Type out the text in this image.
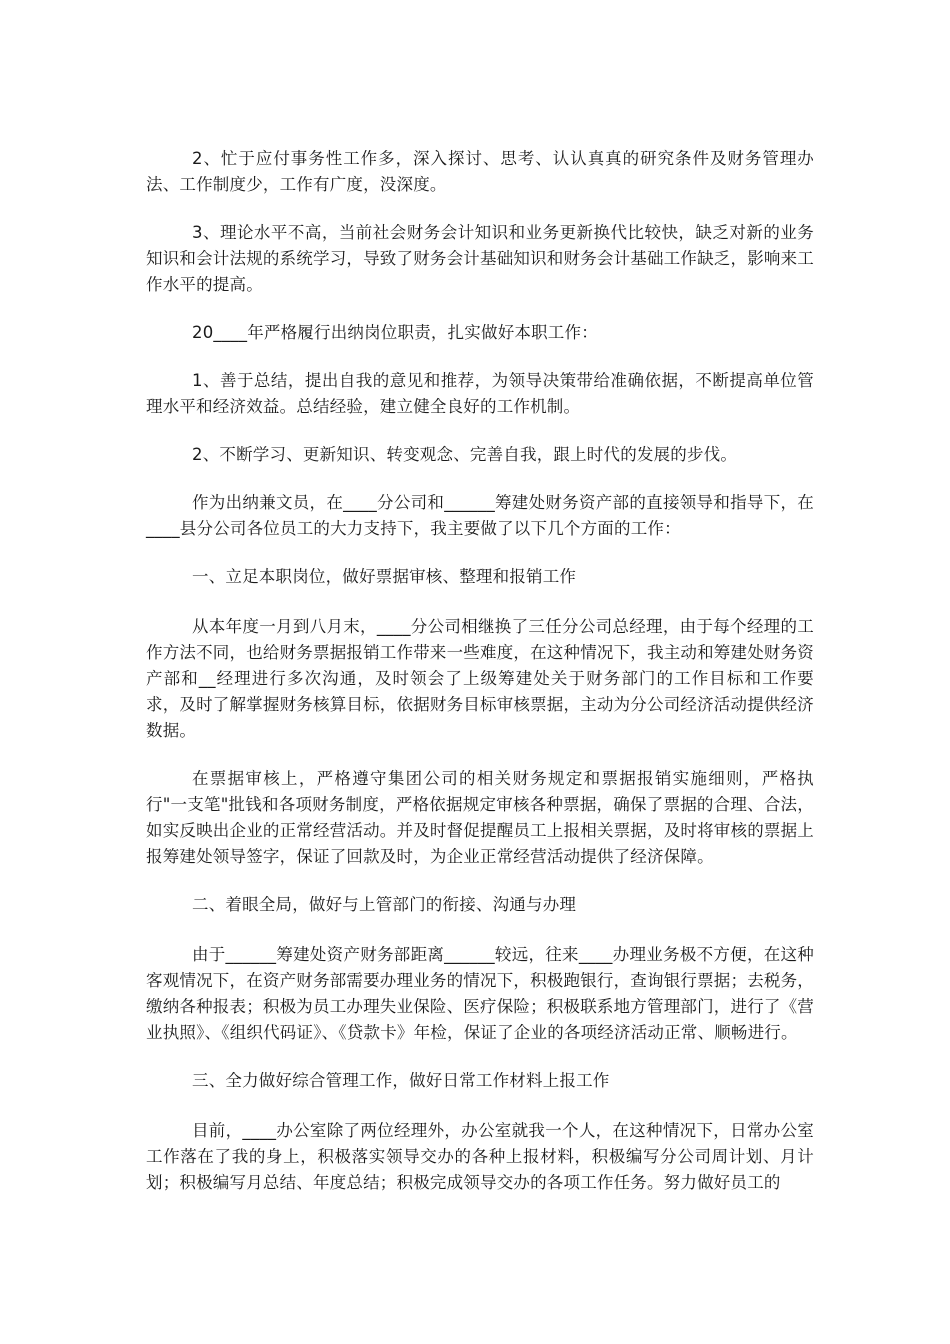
2、忙于应付事务性工作多，深入探讨、思考、认认真真的研究条件及财务管理办法、工作制度少，工作有广度，没深度。

3、理论水平不高，当前社会财务会计知识和业务更新换代比较快，缺乏对新的业务知识和会计法规的系统学习，导致了财务会计基础知识和财务会计基础工作缺乏，影响来工作水平的提高。

20____年严格履行出纳岗位职责，扎实做好本职工作：

1、善于总结，提出自我的意见和推荐，为领导决策带给准确依据，不断提高单位管理水平和经济效益。总结经验，建立健全良好的工作机制。

2、不断学习、更新知识、转变观念、完善自我，跟上时代的发展的步伐。

作为出纳兼文员，在____分公司和______筹建处财务资产部的直接领导和指导下，在____县分公司各位员工的大力支持下，我主要做了以下几个方面的工作：

一、立足本职岗位，做好票据审核、整理和报销工作

从本年度一月到八月末，____分公司相继换了三任分公司总经理，由于每个经理的工作方法不同，也给财务票据报销工作带来一些难度，在这种情况下，我主动和筹建处财务资产部和__经理进行多次沟通，及时领会了上级筹建处关于财务部门的工作目标和工作要求，及时了解掌握财务核算目标，依据财务目标审核票据，主动为分公司经济活动提供经济数据。

在票据审核上，严格遵守集团公司的相关财务规定和票据报销实施细则，严格执行"一支笔"批钱和各项财务制度，严格依据规定审核各种票据，确保了票据的合理、合法，如实反映出企业的正常经营活动。并及时督促提醒员工上报相关票据，及时将审核的票据上报筹建处领导签字，保证了回款及时，为企业正常经营活动提供了经济保障。

二、着眼全局，做好与上管部门的衔接、沟通与办理

由于______筹建处资产财务部距离______较远，往来____办理业务极不方便，在这种客观情况下，在资产财务部需要办理业务的情况下，积极跑银行，查询银行票据；去税务，缴纳各种报表；积极为员工办理失业保险、医疗保险；积极联系地方管理部门，进行了《营业执照》、《组织代码证》、《贷款卡》年检，保证了企业的各项经济活动正常、顺畅进行。

三、全力做好综合管理工作，做好日常工作材料上报工作

目前，____办公室除了两位经理外，办公室就我一个人，在这种情况下，日常办公室工作落在了我的身上，积极落实领导交办的各种上报材料，积极编写分公司周计划、月计划；积极编写月总结、年度总结；积极完成领导交办的各项工作任务。努力做好员工的
